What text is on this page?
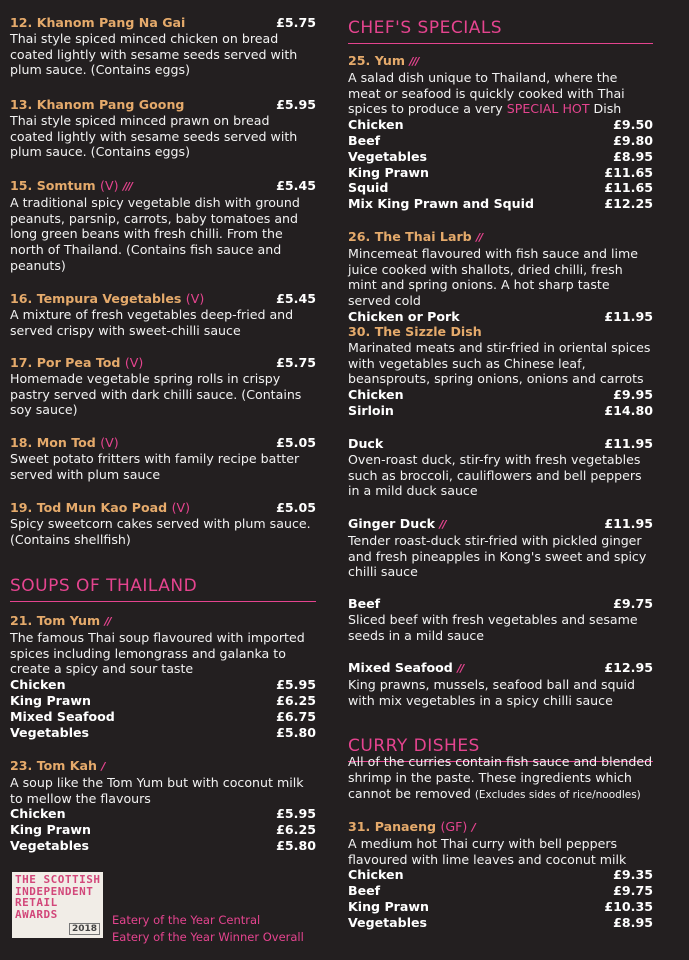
12. Khanom Pang Na Gai	£5.75
Thai style spiced minced chicken on bread coated lightly with sesame seeds served with plum sauce. (Contains eggs)
13. Khanom Pang Goong	£5.95
Thai style spiced minced prawn on bread coated lightly with sesame seeds served with plum sauce. (Contains eggs)
15. Somtum (V) ///	£5.45
A traditional spicy vegetable dish with ground peanuts, parsnip, carrots, baby tomatoes and long green beans with fresh chilli. From the north of Thailand. (Contains fish sauce and peanuts)
16. Tempura Vegetables (V)	£5.45
A mixture of fresh vegetables deep-fried and served crispy with sweet-chilli sauce
17. Por Pea Tod (V)	£5.75
Homemade vegetable spring rolls in crispy pastry served with dark chilli sauce. (Contains soy sauce)
18. Mon Tod (V)	£5.05
Sweet potato fritters with family recipe batter served with plum sauce
19. Tod Mun Kao Poad (V)	£5.05
Spicy sweetcorn cakes served with plum sauce. (Contains shellfish)
SOUPS OF THAILAND
21. Tom Yum //
The famous Thai soup flavoured with imported spices including lemongrass and galanka to create a spicy and sour taste
Chicken	£5.95
King Prawn	£6.25
Mixed Seafood	£6.75
Vegetables	£5.80
23. Tom Kah /
A soup like the Tom Yum but with coconut milk to mellow the flavours
Chicken	£5.95
King Prawn	£6.25
Vegetables	£5.80
THE SCOTTISH INDEPENDENT RETAIL AWARDS
2018
Eatery of the Year Central
Eatery of the Year Winner Overall
CHEF'S SPECIALS
25. Yum ///
A salad dish unique to Thailand, where the meat or seafood is quickly cooked with Thai spices to produce a very SPECIAL HOT Dish
Chicken	£9.50
Beef	£9.80
Vegetables	£8.95
King Prawn	£11.65
Squid	£11.65
Mix King Prawn and Squid	£12.25
26. The Thai Larb //
Mincemeat flavoured with fish sauce and lime juice cooked with shallots, dried chilli, fresh mint and spring onions. A hot sharp taste served cold
Chicken or Pork	£11.95
30. The Sizzle Dish
Marinated meats and stir-fried in oriental spices with vegetables such as Chinese leaf, beansprouts, spring onions, onions and carrots
Chicken	£9.95
Sirloin	£14.80
Duck	£11.95
Oven-roast duck, stir-fry with fresh vegetables such as broccoli, cauliflowers and bell peppers in a mild duck sauce
Ginger Duck //	£11.95
Tender roast-duck stir-fried with pickled ginger and fresh pineapples in Kong's sweet and spicy chilli sauce
Beef	£9.75
Sliced beef with fresh vegetables and sesame seeds in a mild sauce
Mixed Seafood //	£12.95
King prawns, mussels, seafood ball and squid with mix vegetables in a spicy chilli sauce
CURRY DISHES
All of the curries contain fish sauce and blended shrimp in the paste. These ingredients which cannot be removed (Excludes sides of rice/noodles)
31. Panaeng (GF) /
A medium hot Thai curry with bell peppers flavoured with lime leaves and coconut milk
Chicken	£9.35
Beef	£9.75
King Prawn	£10.35
Vegetables	£8.95
